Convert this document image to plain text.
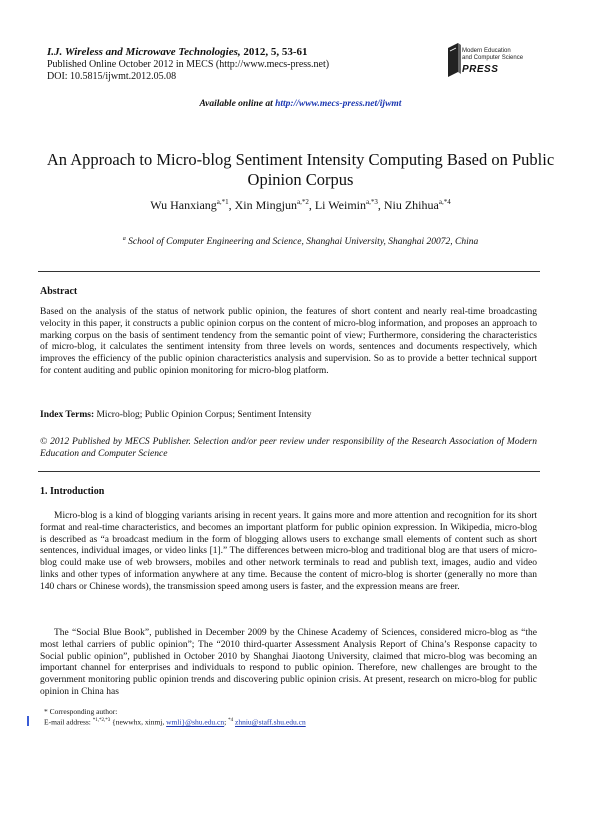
I.J. Wireless and Microwave Technologies, 2012, 5, 53-61
Published Online October 2012 in MECS (http://www.mecs-press.net)
DOI: 10.5815/ijwmt.2012.05.08
Modern Education
and Computer Science
PRESS
Available online at http://www.mecs-press.net/ijwmt
An Approach to Micro-blog Sentiment Intensity Computing Based on Public Opinion Corpus
Wu Hanxiang$^{a,*1}$, Xin Mingjun$^{a,*2}$, Li Weimin$^{a,*3}$, Niu Zhihua$^{a,*4}$
$^a$ School of Computer Engineering and Science, Shanghai University, Shanghai 20072, China
Abstract
Based on the analysis of the status of network public opinion, the features of short content and nearly real-time broadcasting velocity in this paper, it constructs a public opinion corpus on the content of micro-blog information, and proposes an approach to marking corpus on the basis of sentiment tendency from the semantic point of view; Furthermore, considering the characteristics of micro-blog, it calculates the sentiment intensity from three levels on words, sentences and documents respectively, which improves the efficiency of the public opinion characteristics analysis and supervision. So as to provide a better technical support for content auditing and public opinion monitoring for micro-blog platform.
Index Terms: Micro-blog; Public Opinion Corpus; Sentiment Intensity
© 2012 Published by MECS Publisher. Selection and/or peer review under responsibility of the Research Association of Modern Education and Computer Science
1. Introduction
Micro-blog is a kind of blogging variants arising in recent years. It gains more and more attention and recognition for its short format and real-time characteristics, and becomes an important platform for public opinion expression. In Wikipedia, micro-blog is described as “a broadcast medium in the form of blogging allows users to exchange small elements of content such as short sentences, individual images, or video links [1].” The differences between micro-blog and traditional blog are that users of micro-blog could make use of web browsers, mobiles and other network terminals to read and publish text, images, audio and video links and other types of information anywhere at any time. Because the content of micro-blog is shorter (generally no more than 140 chars or Chinese words), the transmission speed among users is faster, and the expression means are freer.
The “Social Blue Book”, published in December 2009 by the Chinese Academy of Sciences, considered micro-blog as “the most lethal carriers of public opinion”; The “2010 third-quarter Assessment Analysis Report of China’s Response capacity to Social public opinion”, published in October 2010 by Shanghai Jiaotong University, claimed that micro-blog was becoming an important channel for enterprises and individuals to respond to public opinion. Therefore, new challenges are brought to the government monitoring public opinion trends and discovering public opinion crisis. At present, research on micro-blog for public opinion in China has
* Corresponding author:
E-mail address: $^{*1,*2,*3}$ {newwhx, xinmj, wmli}@shu.edu.cn; $^{*4}$ zhniu@staff.shu.edu.cn
